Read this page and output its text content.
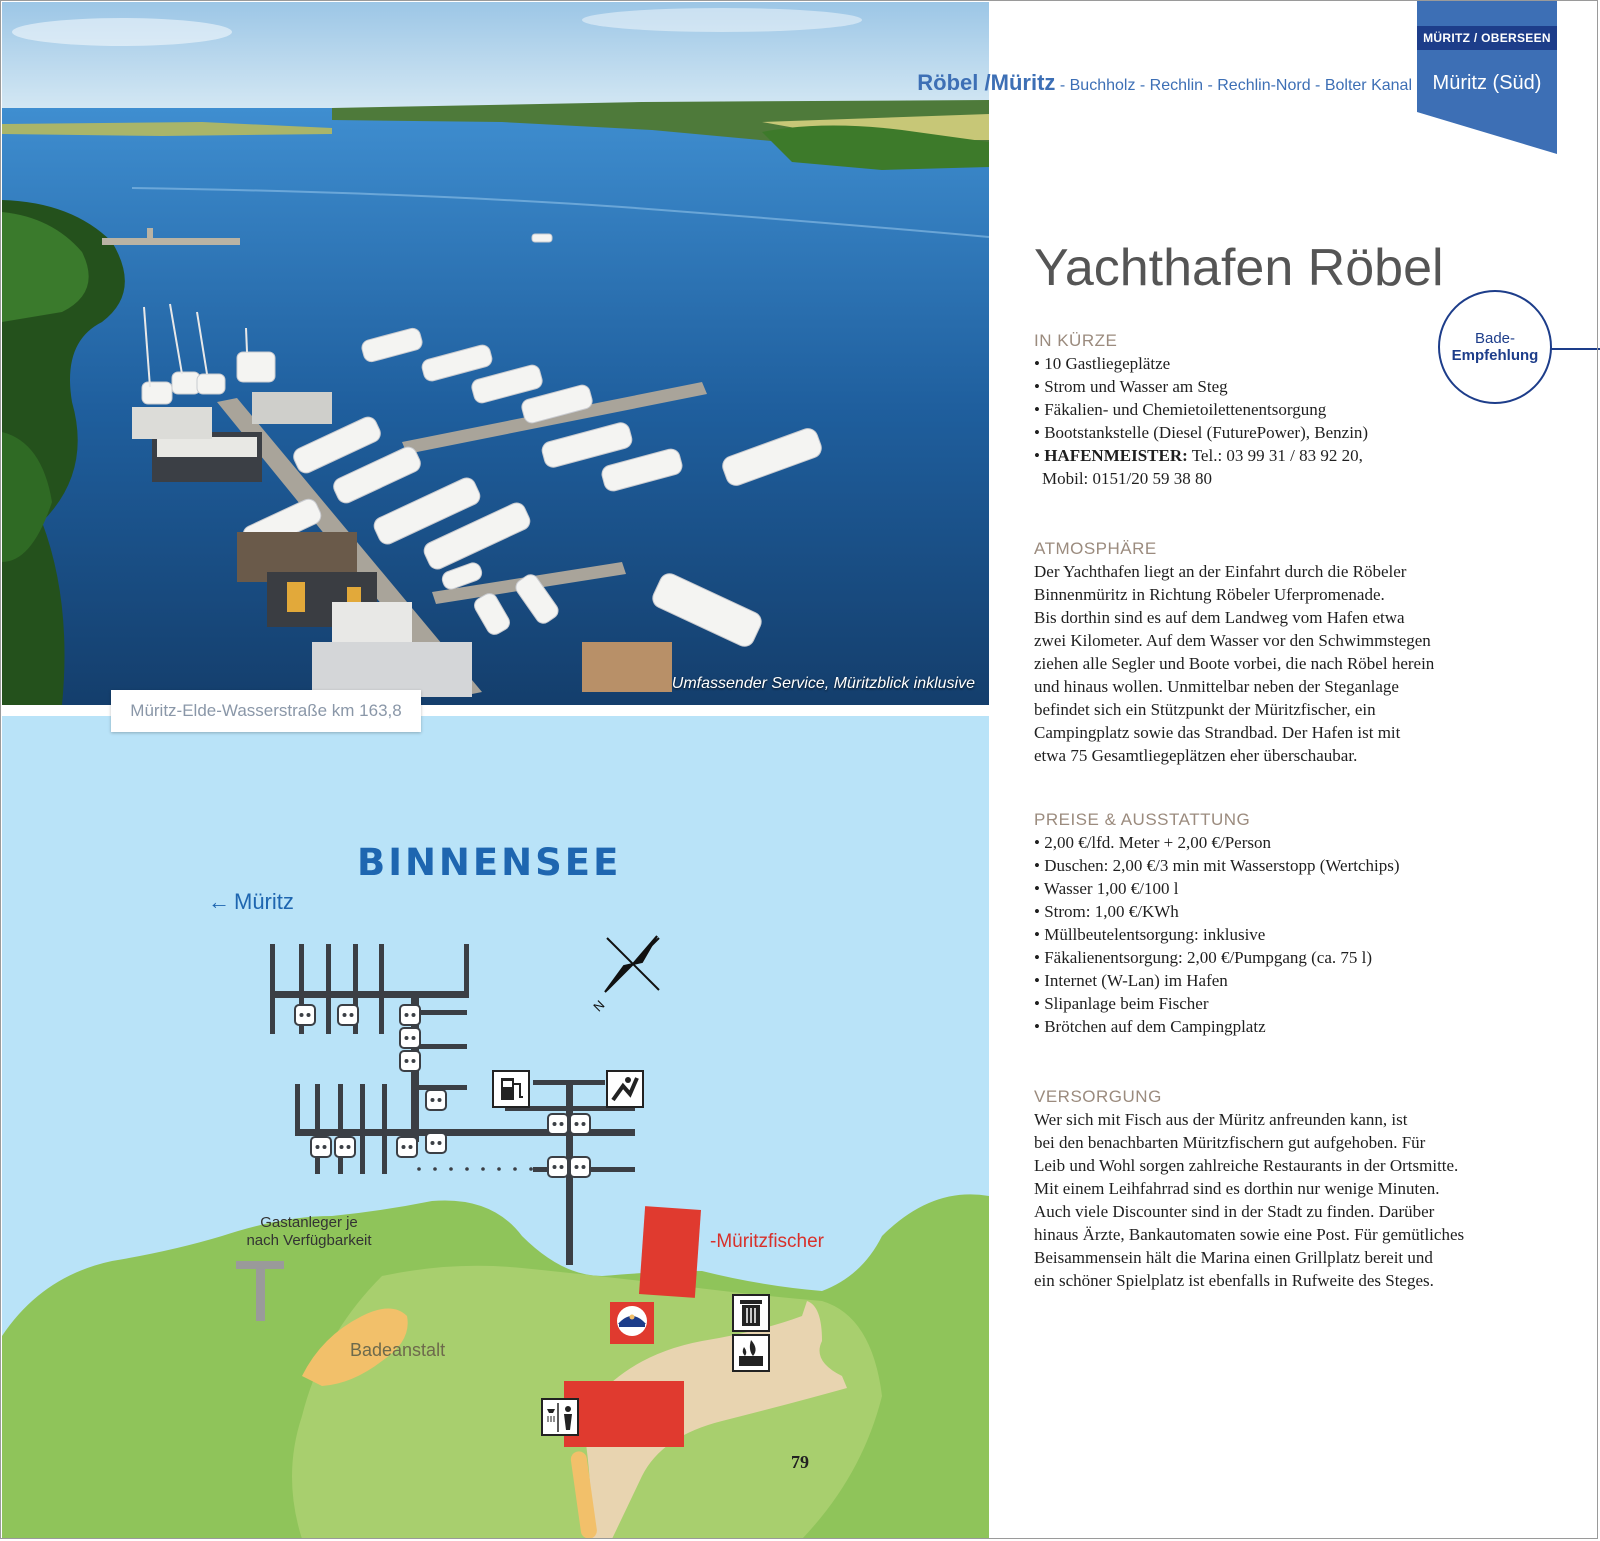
Umfassender Service, Müritzblick inklusive
Müritz-Elde-Wasserstraße km 163,8
N
BINNENSEE
← Müritz
Gastanleger je
nach Verfügbarkeit	-Müritzfischer
Badeanstalt
79
Röbel /Müritz - Buchholz - Rechlin - Rechlin-Nord - Bolter Kanal
MÜRITZ / OBERSEEN
Müritz (Süd)
Bade-
Empfehlung
Yachthafen Röbel
IN KÜRZE
• 10 Gastliegeplätze
• Strom und Wasser am Steg
• Fäkalien- und Chemietoilettenentsorgung
• Bootstankstelle (Diesel (FuturePower), Benzin)
• HAFENMEISTER: Tel.: 03 99 31 / 83 92 20,
Mobil: 0151/20 59 38 80
ATMOSPHÄRE

Der Yachthafen liegt an der Einfahrt durch die Röbeler
Binnenmüritz in Richtung Röbeler Uferpromenade.
Bis dorthin sind es auf dem Landweg vom Hafen etwa
zwei Kilometer. Auf dem Wasser vor den Schwimmstegen
ziehen alle Segler und Boote vorbei, die nach Röbel herein
und hinaus wollen. Unmittelbar neben der Steganlage
befindet sich ein Stützpunkt der Müritzfischer, ein
Campingplatz sowie das Strandbad. Der Hafen ist mit
etwa 75 Gesamtliegeplätzen eher überschaubar.

PREISE & AUSSTATTUNG
• 2,00 €/lfd. Meter + 2,00 €/Person
• Duschen: 2,00 €/3 min mit Wasserstopp (Wertchips)
• Wasser 1,00 €/100 l
• Strom: 1,00 €/KWh
• Müllbeutelentsorgung: inklusive
• Fäkalienentsorgung: 2,00 €/Pumpgang (ca. 75 l)
• Internet (W-Lan) im Hafen
• Slipanlage beim Fischer
• Brötchen auf dem Campingplatz
VERSORGUNG

Wer sich mit Fisch aus der Müritz anfreunden kann, ist
bei den benachbarten Müritzfischern gut aufgehoben. Für
Leib und Wohl sorgen zahlreiche Restaurants in der Ortsmitte.
Mit einem Leihfahrrad sind es dorthin nur wenige Minuten.
Auch viele Discounter sind in der Stadt zu finden. Darüber
hinaus Ärzte, Bankautomaten sowie eine Post. Für gemütliches
Beisammensein hält die Marina einen Grillplatz bereit und
ein schöner Spielplatz ist ebenfalls in Rufweite des Steges.
